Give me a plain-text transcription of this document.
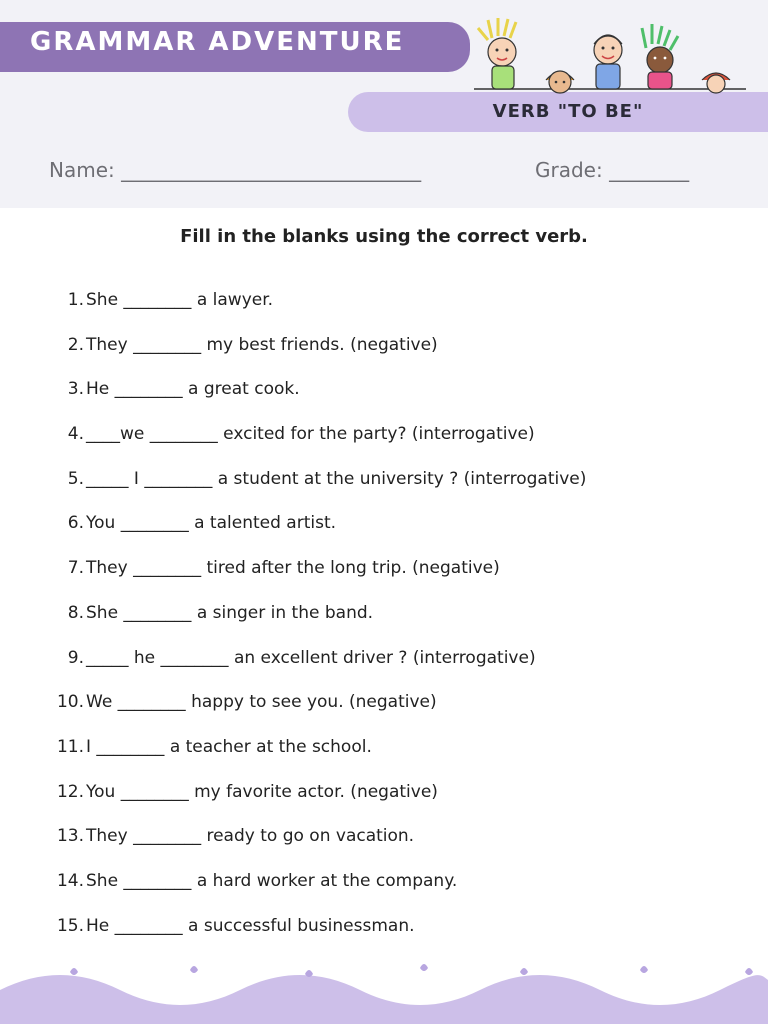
GRAMMAR ADVENTURE
VERB "TO BE"
Name: ______________________________	Grade: ________
Fill in the blanks using the correct verb.
1. She ________ a lawyer.
2. They ________ my best friends. (negative)
3. He ________ a great cook.
4. ____we ________ excited for the party? (interrogative)
5. _____ I ________ a student at the university ? (interrogative)
6. You ________ a talented artist.
7. They ________ tired after the long trip. (negative)
8. She ________ a singer in the band.
9. _____ he ________ an excellent driver ? (interrogative)
10. We ________ happy to see you. (negative)
11. I ________ a teacher at the school.
12. You ________ my favorite actor. (negative)
13. They ________ ready to go on vacation.
14. She ________ a hard worker at the company.
15. He ________ a successful businessman.
